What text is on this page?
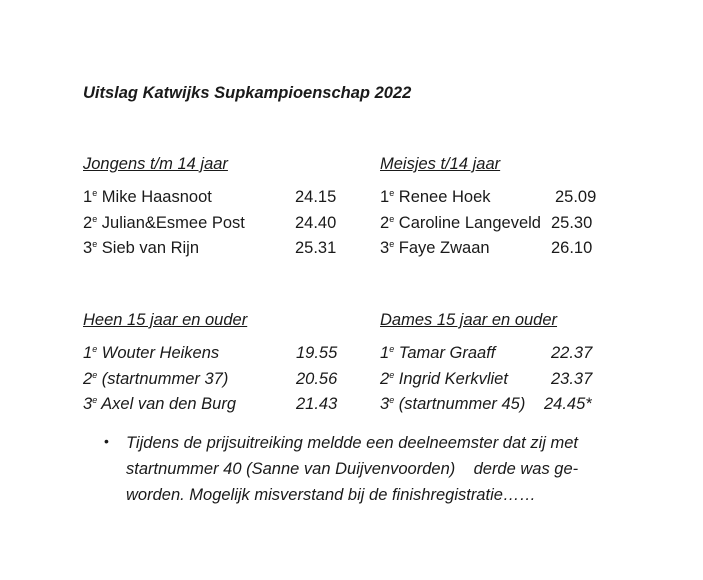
Uitslag Katwijks Supkampioenschap 2022
Jongens t/m 14 jaar
1e Mike Haasnoot	24.15
2e Julian&Esmee Post	24.40
3e Sieb van Rijn	25.31
Meisjes t/14 jaar
1e Renee Hoek	25.09
2e Caroline Langeveld 25.30
3e Faye Zwaan	26.10
Heen 15 jaar en ouder
1e Wouter Heikens	19.55
2e (startnummer 37)	20.56
3e Axel van den Burg	21.43
Dames 15 jaar en ouder
1e Tamar Graaff	22.37
2e Ingrid Kerkvliet	23.37
3e (startnummer 45) 24.45*
• Tijdens de prijsuitreiking meldde een deelneemster dat zij met
startnummer 40 (Sanne van Duijvenvoorden)    derde was ge-
worden. Mogelijk misverstand bij de finishregistratie……
